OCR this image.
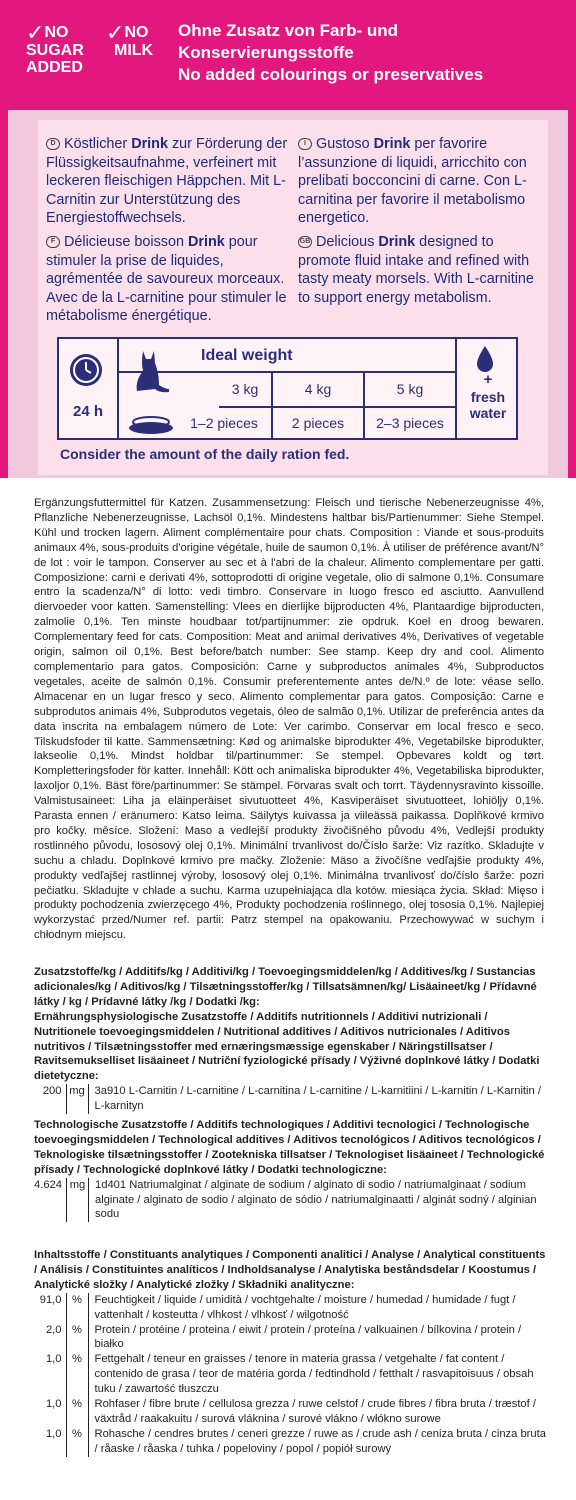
✓NO
SUGAR
ADDED
✓NO
MILK
Ohne Zusatz von Farb- und Konservierungsstoffe
No added colourings or preservatives
D Köstlicher Drink zur Förderung der Flüssigkeitsaufnahme, verfeinert mit leckeren fleischigen Häppchen. Mit L-Carnitin zur Unterstützung des Energiestoffwechsels.
I Gustoso Drink per favorire l’assunzione di liquidi, arricchito con prelibati bocconcini di carne. Con L-carnitina per favorire il metabolismo energetico.
F Délicieuse boisson Drink pour stimuler la prise de liquides, agrémentée de savoureux morceaux. Avec de la L-carnitine pour stimuler le métabolisme énergétique.
GB Delicious Drink designed to promote fluid intake and refined with tasty meaty morsels. With L-carnitine to support energy metabolism.
24 h
Ideal weight
3 kg	4 kg	5 kg
1–2 pieces	2 pieces	2–3 pieces
+
fresh water
Consider the amount of the daily ration fed.
Ergänzungsfuttermittel für Katzen. Zusammensetzung: Fleisch und tierische Nebenerzeugnisse 4%, Pflanzliche Nebenerzeugnisse, Lachsöl 0,1%. Mindestens haltbar bis/Partienummer: Siehe Stempel. Kühl und trocken lagern. Aliment complémentaire pour chats. Composition : Viande et sous-produits animaux 4%, sous-produits d'origine végétale, huile de saumon 0,1%. À utiliser de préférence avant/N° de lot : voir le tampon. Conserver au sec et à l'abri de la chaleur. Alimento complementare per gatti. Composizione: carni e derivati 4%, sottoprodotti di origine vegetale, olio di salmone 0,1%. Consumare entro la scadenza/N° di lotto: vedi timbro. Conservare in luogo fresco ed asciutto. Aanvullend diervoeder voor katten. Samenstelling: Vlees en dierlijke bijproducten 4%, Plantaardige bijproducten, zalmolie 0,1%. Ten minste houdbaar tot/partijnummer: zie opdruk. Koel en droog bewaren. Complementary feed for cats. Composition: Meat and animal derivatives 4%, Derivatives of vegetable origin, salmon oil 0,1%. Best before/batch number: See stamp. Keep dry and cool. Alimento complementario para gatos. Composición: Carne y subproductos animales 4%, Subproductos vegetales, aceite de salmón 0,1%. Consumir preferentemente antes de/N.º de lote: véase sello. Almacenar en un lugar fresco y seco. Alimento complementar para gatos. Composição: Carne e subprodutos animais 4%, Subprodutos vegetais, óleo de salmão 0,1%. Utilizar de preferência antes da data inscrita na embalagem número de Lote: Ver carimbo. Conservar em local fresco e seco. Tilskudsfoder til katte. Sammensætning: Kød og animalske biprodukter 4%, Vegetabilske biprodukter, lakseolie 0,1%. Mindst holdbar til/partinummer: Se stempel. Opbevares koldt og tørt. Kompletteringsfoder för katter. Innehåll: Kött och animaliska biprodukter 4%, Vegetabiliska biprodukter, laxoljor 0,1%. Bäst före/partinummer: Se stämpel. Förvaras svalt och torrt. Täydennysravinto kissoille. Valmistusaineet: Liha ja eläinperäiset sivutuotteet 4%, Kasviperäiset sivutuotteet, lohiöljy 0,1%. Parasta ennen / eränumero: Katso leima. Säilytys kuivassa ja viileässä paikassa. Doplňkové krmivo pro kočky. měsíce. Složení: Maso a vedlejší produkty živočišného původu 4%, Vedlejší produkty rostlinného původu, lososový olej 0,1%. Minimální trvanlivost do/Číslo šarže: Viz razítko. Skladujte v suchu a chladu. Doplnkové krmivo pre mačky. Zloženie: Mäso a živočíšne vedľajšie produkty 4%, produkty vedľajšej rastlinnej výroby, lososový olej 0,1%. Minimálna trvanlivosť do/číslo šarže: pozri pečiatku. Skladujte v chlade a suchu. Karma uzupełniająca dla kotów. miesiąca życia. Skład: Mięso i produkty pochodzenia zwierzęcego 4%, Produkty pochodzenia roślinnego, olej tososia 0,1%. Najlepiej wykorzystać przed/Numer ref. partii: Patrz stempel na opakowaniu. Przechowywać w suchym i chłodnym miejscu.
Zusatzstoffe/kg / Additifs/kg / Additivi/kg / Toevoegingsmiddelen/kg / Additives/kg / Sustancias adicionales/kg / Aditivos/kg / Tilsætningsstoffer/kg / Tillsatsämnen/kg/ Lisäaineet/kg / Přídavné látky / kg / Prídavné látky /kg / Dodatki /kg:
Ernährungsphysiologische Zusatzstoffe / Additifs nutritionnels / Additivi nutrizionali / Nutritionele toevoegingsmiddelen / Nutritional additives / Aditivos nutricionales / Aditivos nutritivos / Tilsætningsstoffer med ernæringsmæssige egenskaber / Näringstillsatser / Ravitsemukselliset lisäaineet / Nutriční fyziologické přísady / Výživné doplnkové látky / Dodatki dietetyczne:
200	mg	3a910 L-Carnitin / L-carnitine / L-carnitina / L-carnitine / L-karnitiini / L-karnitin / L-Karnitin / L-karnityn
Technologische Zusatzstoffe / Additifs technologiques / Additivi tecnologici / Technologische toevoegingsmiddelen / Technological additives / Aditivos tecnológicos / Aditivos tecnológicos / Teknologiske tilsætningsstoffer / Zootekniska tillsatser / Teknologiset lisäaineet / Technologické přísady / Technologické doplnkové látky / Dodatki technologiczne:
4.624	mg	1d401 Natriumalginat / alginate de sodium / alginato di sodio / natriumalginaat / sodium alginate / alginato de sodio / alginato de sódio / natriumalginaatti / alginát sodný / alginian sodu
Inhaltsstoffe / Constituants analytiques / Componenti analitici / Analyse / Analytical constituents / Análisis / Constituintes analíticos / Indholdsanalyse / Analytiska beståndsdelar / Koostumus / Analytické složky / Analytické zložky / Składniki analityczne:
91,0	%	Feuchtigkeit / liquide / umidità / vochtgehalte / moisture / humedad / humidade / fugt / vattenhalt / kosteutta / vlhkost / vlhkosť / wilgotność
2,0	%	Protein / protéine / proteina / eiwit / protein / proteína / valkuainen / bílkovina / protein / białko
1,0	%	Fettgehalt / teneur en graisses / tenore in materia grassa / vetgehalte / fat content / contenido de grasa / teor de matéria gorda / fedtindhold / fetthalt / rasvapitoisuus / obsah tuku / zawartość tłuszczu
1,0	%	Rohfaser / fibre brute / cellulosa grezza / ruwe celstof / crude fibres / fibra bruta / træstof / växtråd / raakakuitu / surová vláknina / surové vlákno / włókno surowe
1,0	%	Rohasche / cendres brutes / ceneri grezze / ruwe as / crude ash / ceniza bruta / cinza bruta / råaske / råaska / tuhka / popeloviny / popol / popiół surowy
